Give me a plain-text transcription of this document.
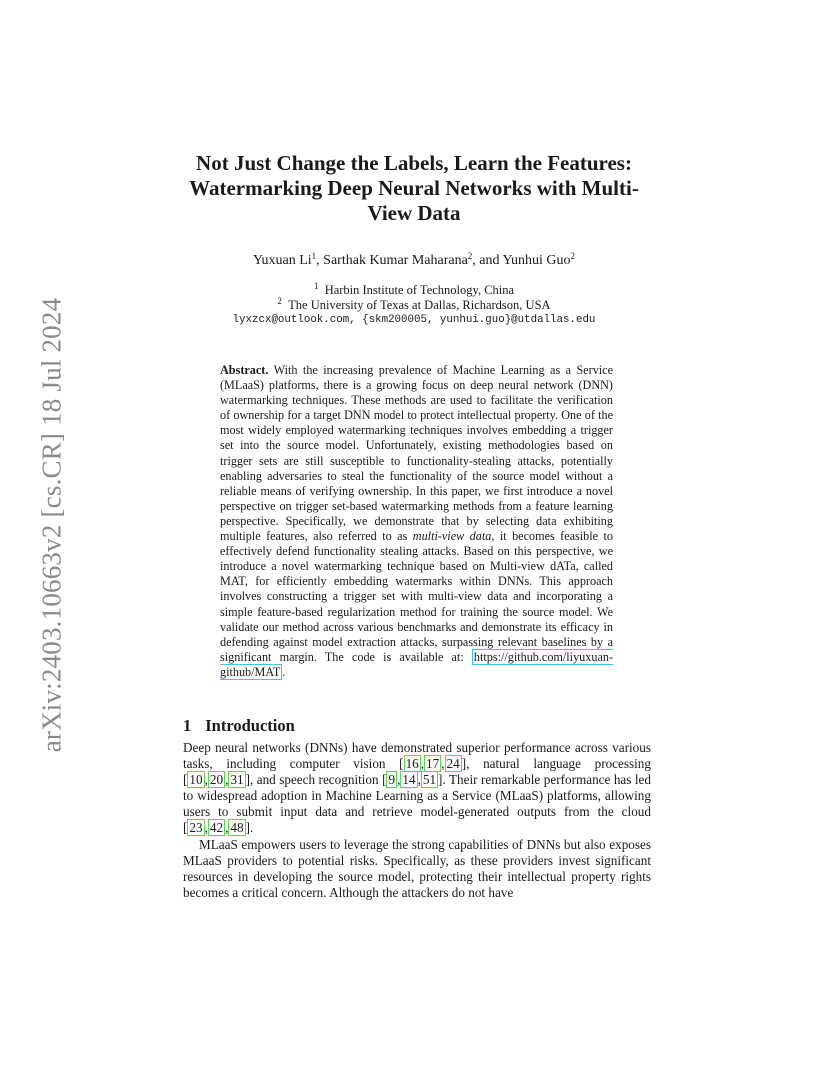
arXiv:2403.10663v2 [cs.CR] 18 Jul 2024
Not Just Change the Labels, Learn the Features: Watermarking Deep Neural Networks with Multi-View Data
Yuxuan Li$^1$, Sarthak Kumar Maharana$^2$, and Yunhui Guo$^2$
$^1$ Harbin Institute of Technology, China
$^2$ The University of Texas at Dallas, Richardson, USA
lyxzcx@outlook.com, {skm200005, yunhui.guo}@utdallas.edu

Abstract. With the increasing prevalence of Machine Learning as a Service (MLaaS) platforms, there is a growing focus on deep neural network (DNN) watermarking techniques. These methods are used to facilitate the verification of ownership for a target DNN model to protect intellectual property. One of the most widely employed watermarking techniques involves embedding a trigger set into the source model. Unfortunately, existing methodologies based on trigger sets are still susceptible to functionality-stealing attacks, potentially enabling adversaries to steal the functionality of the source model without a reliable means of verifying ownership. In this paper, we first introduce a novel perspective on trigger set-based watermarking methods from a feature learning perspective. Specifically, we demonstrate that by selecting data exhibiting multiple features, also referred to as multi-view data, it becomes feasible to effectively defend functionality stealing attacks. Based on this perspective, we introduce a novel watermarking technique based on Multi-view dATa, called MAT, for efficiently embedding watermarks within DNNs. This approach involves constructing a trigger set with multi-view data and incorporating a simple feature-based regularization method for training the source model. We validate our method across various benchmarks and demonstrate its efficacy in defending against model extraction attacks, surpassing relevant baselines by a significant margin. The code is available at: https://github.com/liyuxuan-github/MAT .

1 Introduction

Deep neural networks (DNNs) have demonstrated superior performance across various tasks, including computer vision [ 16 , 17 , 24 ], natural language processing [ 10 , 20 , 31 ], and speech recognition [ 9 , 14 , 51 ]. Their remarkable performance has led to widespread adoption in Machine Learning as a Service (MLaaS) platforms, allowing users to submit input data and retrieve model-generated outputs from the cloud [ 23 , 42 , 48 ].

MLaaS empowers users to leverage the strong capabilities of DNNs but also exposes MLaaS providers to potential risks. Specifically, as these providers invest significant resources in developing the source model, protecting their intellectual property rights becomes a critical concern. Although the attackers do not have
